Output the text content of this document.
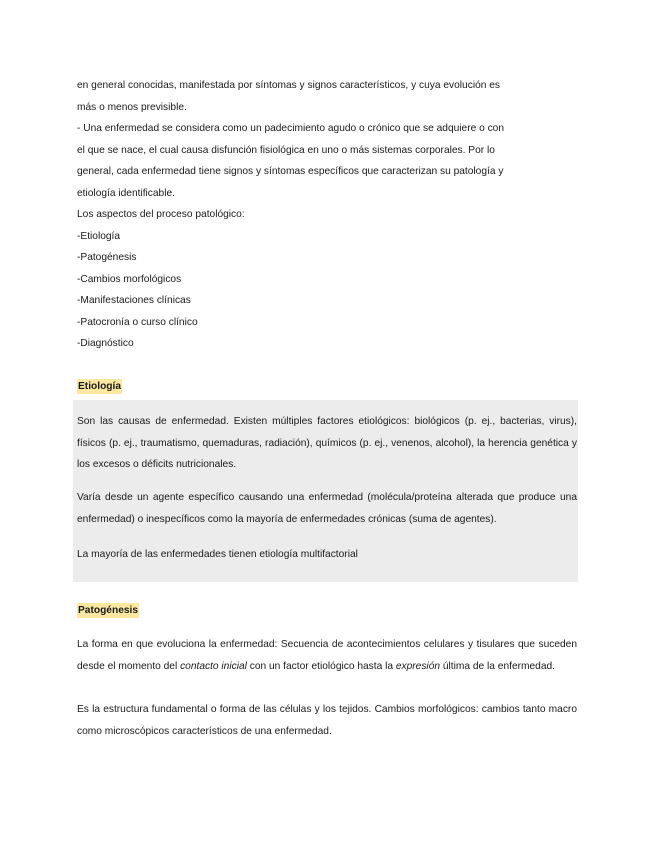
en general conocidas, manifestada por síntomas y signos característicos, y cuya evolución es

más o menos previsible.

- Una enfermedad se considera como un padecimiento agudo o crónico que se adquiere o con

el que se nace, el cual causa disfunción fisiológica en uno o más sistemas corporales. Por lo

general, cada enfermedad tiene signos y síntomas específicos que caracterizan su patología y

etiología identificable.

Los aspectos del proceso patológico:

-Etiología

-Patogénesis

-Cambios morfológicos

-Manifestaciones clínicas

-Patocronía o curso clínico

-Diagnóstico

Etiología

Son las causas de enfermedad. Existen múltiples factores etiológicos: biológicos (p. ej., bacterias, virus), físicos (p. ej., traumatismo, quemaduras, radiación), químicos (p. ej., venenos, alcohol), la herencia genética y los excesos o déficits nutricionales.

Varía desde un agente específico causando una enfermedad (molécula/proteína alterada que produce una enfermedad) o inespecíficos como la mayoría de enfermedades crónicas (suma de agentes).

La mayoría de las enfermedades tienen etiología multifactorial

Patogénesis

La forma en que evoluciona la enfermedad: Secuencia de acontecimientos celulares y tisulares que suceden desde el momento del contacto inicial con un factor etiológico hasta la expresión última de la enfermedad.

Es la estructura fundamental o forma de las células y los tejidos. Cambios morfológicos: cambios tanto macro como microscópicos característicos de una enfermedad.
